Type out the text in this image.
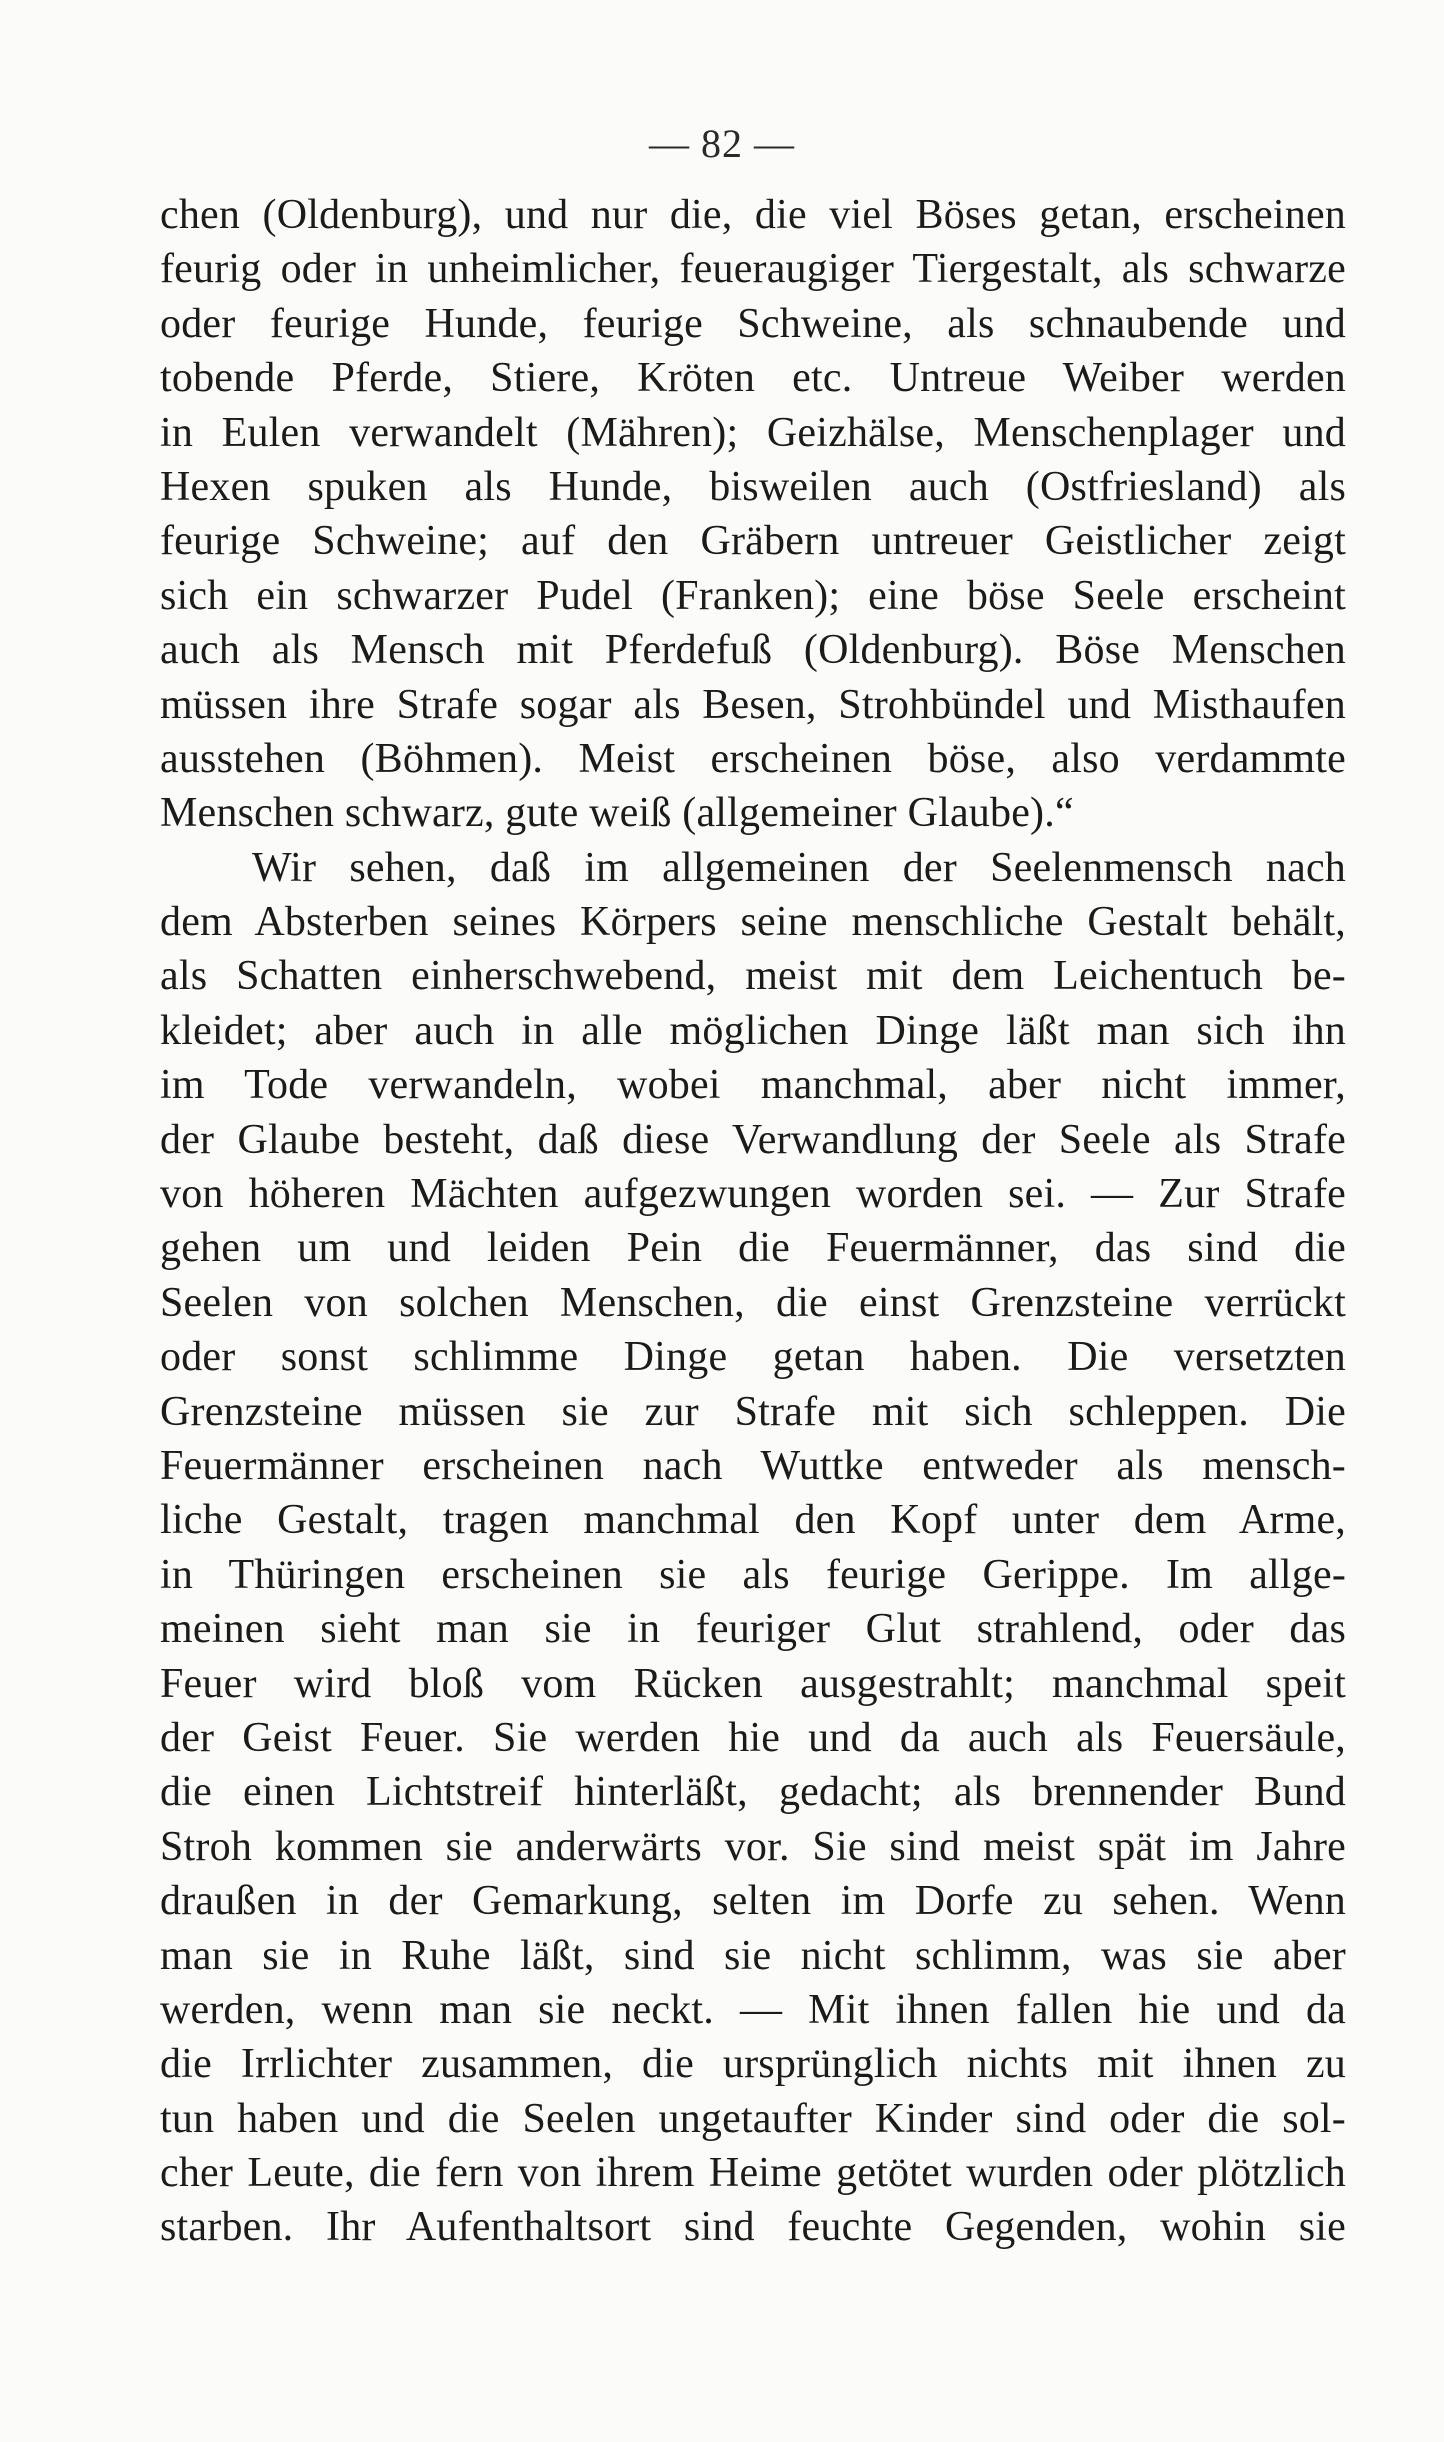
— 82 —
chen (Oldenburg), und nur die, die viel Böses getan, erscheinen
feurig oder in unheimlicher, feueraugiger Tiergestalt, als schwarze
oder feurige Hunde, feurige Schweine, als schnaubende und
tobende Pferde, Stiere, Kröten etc. Untreue Weiber werden
in Eulen verwandelt (Mähren); Geizhälse, Menschenplager und
Hexen spuken als Hunde, bisweilen auch (Ostfriesland) als
feurige Schweine; auf den Gräbern untreuer Geistlicher zeigt
sich ein schwarzer Pudel (Franken); eine böse Seele erscheint
auch als Mensch mit Pferdefuß (Oldenburg). Böse Menschen
müssen ihre Strafe sogar als Besen, Strohbündel und Misthaufen
ausstehen (Böhmen). Meist erscheinen böse, also verdammte
Menschen schwarz, gute weiß (allgemeiner Glaube).“
Wir sehen, daß im allgemeinen der Seelenmensch nach
dem Absterben seines Körpers seine menschliche Gestalt behält,
als Schatten einherschwebend, meist mit dem Leichentuch be-
kleidet; aber auch in alle möglichen Dinge läßt man sich ihn
im Tode verwandeln, wobei manchmal, aber nicht immer,
der Glaube besteht, daß diese Verwandlung der Seele als Strafe
von höheren Mächten aufgezwungen worden sei. — Zur Strafe
gehen um und leiden Pein die Feuermänner, das sind die
Seelen von solchen Menschen, die einst Grenzsteine verrückt
oder sonst schlimme Dinge getan haben. Die versetzten
Grenzsteine müssen sie zur Strafe mit sich schleppen. Die
Feuermänner erscheinen nach Wuttke entweder als mensch-
liche Gestalt, tragen manchmal den Kopf unter dem Arme,
in Thüringen erscheinen sie als feurige Gerippe. Im allge-
meinen sieht man sie in feuriger Glut strahlend, oder das
Feuer wird bloß vom Rücken ausgestrahlt; manchmal speit
der Geist Feuer. Sie werden hie und da auch als Feuersäule,
die einen Lichtstreif hinterläßt, gedacht; als brennender Bund
Stroh kommen sie anderwärts vor. Sie sind meist spät im Jahre
draußen in der Gemarkung, selten im Dorfe zu sehen. Wenn
man sie in Ruhe läßt, sind sie nicht schlimm, was sie aber
werden, wenn man sie neckt. — Mit ihnen fallen hie und da
die Irrlichter zusammen, die ursprünglich nichts mit ihnen zu
tun haben und die Seelen ungetaufter Kinder sind oder die sol-
cher Leute, die fern von ihrem Heime getötet wurden oder plötzlich
starben. Ihr Aufenthaltsort sind feuchte Gegenden, wohin sie
